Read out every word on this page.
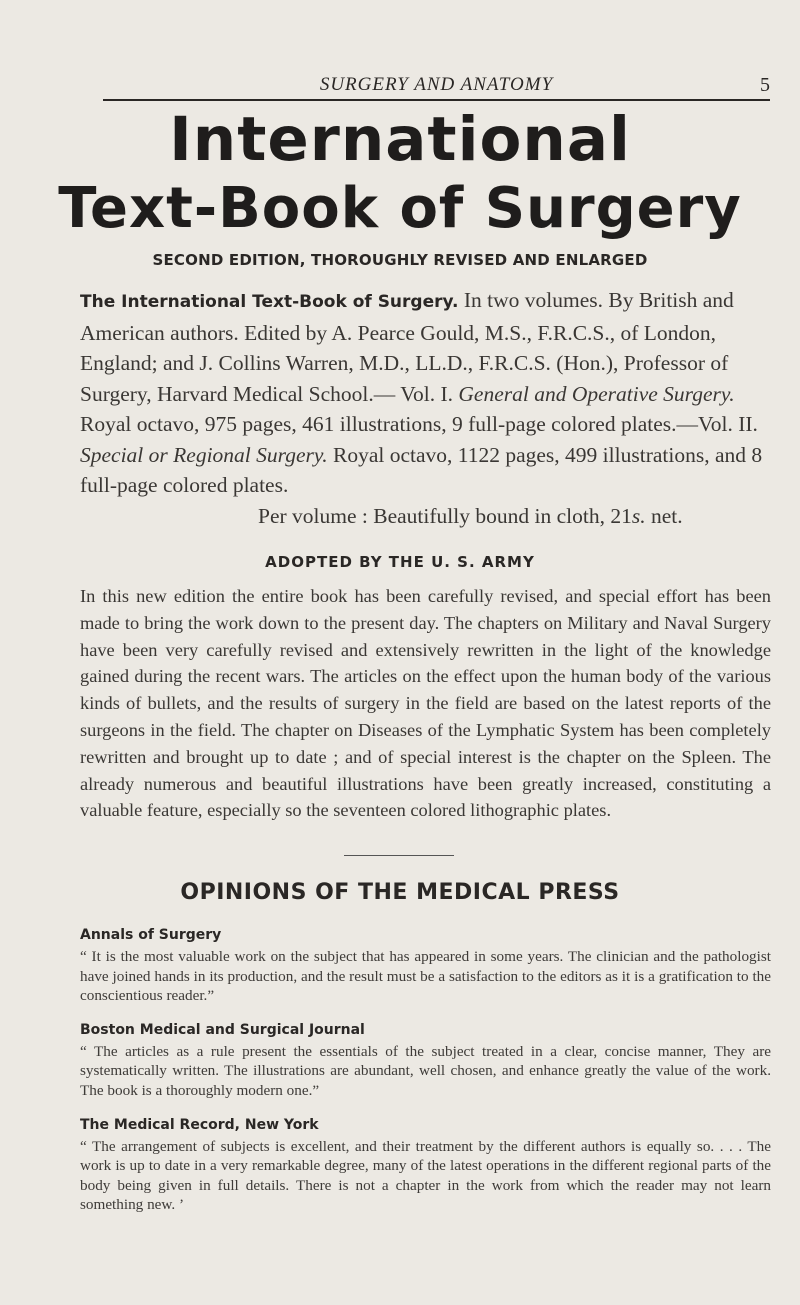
SURGERY AND ANATOMY	5
International
Text-Book of Surgery
SECOND EDITION, THOROUGHLY REVISED AND ENLARGED

The International Text-Book of Surgery. In two volumes. By British and American authors. Edited by A. Pearce Gould, M.S., F.R.C.S., of London, England; and J. Collins Warren, M.D., LL.D., F.R.C.S. (Hon.), Professor of Surgery, Harvard Medical School.— Vol. I. General and Operative Surgery. Royal octavo, 975 pages, 461 illustrations, 9 full-page colored plates.—Vol. II. Special or Regional Surgery. Royal octavo, 1122 pages, 499 illustrations, and 8 full-page colored plates.

Per volume : Beautifully bound in cloth, 21s. net.

ADOPTED BY THE U. S. ARMY

In this new edition the entire book has been carefully revised, and special effort has been made to bring the work down to the present day. The chapters on Military and Naval Surgery have been very carefully revised and extensively rewritten in the light of the knowledge gained during the recent wars. The articles on the effect upon the human body of the various kinds of bullets, and the results of surgery in the field are based on the latest reports of the surgeons in the field. The chapter on Diseases of the Lymphatic System has been completely rewritten and brought up to date ; and of special interest is the chapter on the Spleen. The already numerous and beautiful illustrations have been greatly increased, constituting a valuable feature, especially so the seventeen colored lithographic plates.

OPINIONS OF THE MEDICAL PRESS
Annals of Surgery
“ It is the most valuable work on the subject that has appeared in some years. The clinician and the pathologist have joined hands in its production, and the result must be a satisfaction to the editors as it is a gratification to the conscientious reader.”
Boston Medical and Surgical Journal
“ The articles as a rule present the essentials of the subject treated in a clear, concise manner, They are systematically written. The illustrations are abundant, well chosen, and enhance greatly the value of the work. The book is a thoroughly modern one.”
The Medical Record, New York
“ The arrangement of subjects is excellent, and their treatment by the different authors is equally so. . . . The work is up to date in a very remarkable degree, many of the latest operations in the different regional parts of the body being given in full details. There is not a chapter in the work from which the reader may not learn something new. ’
